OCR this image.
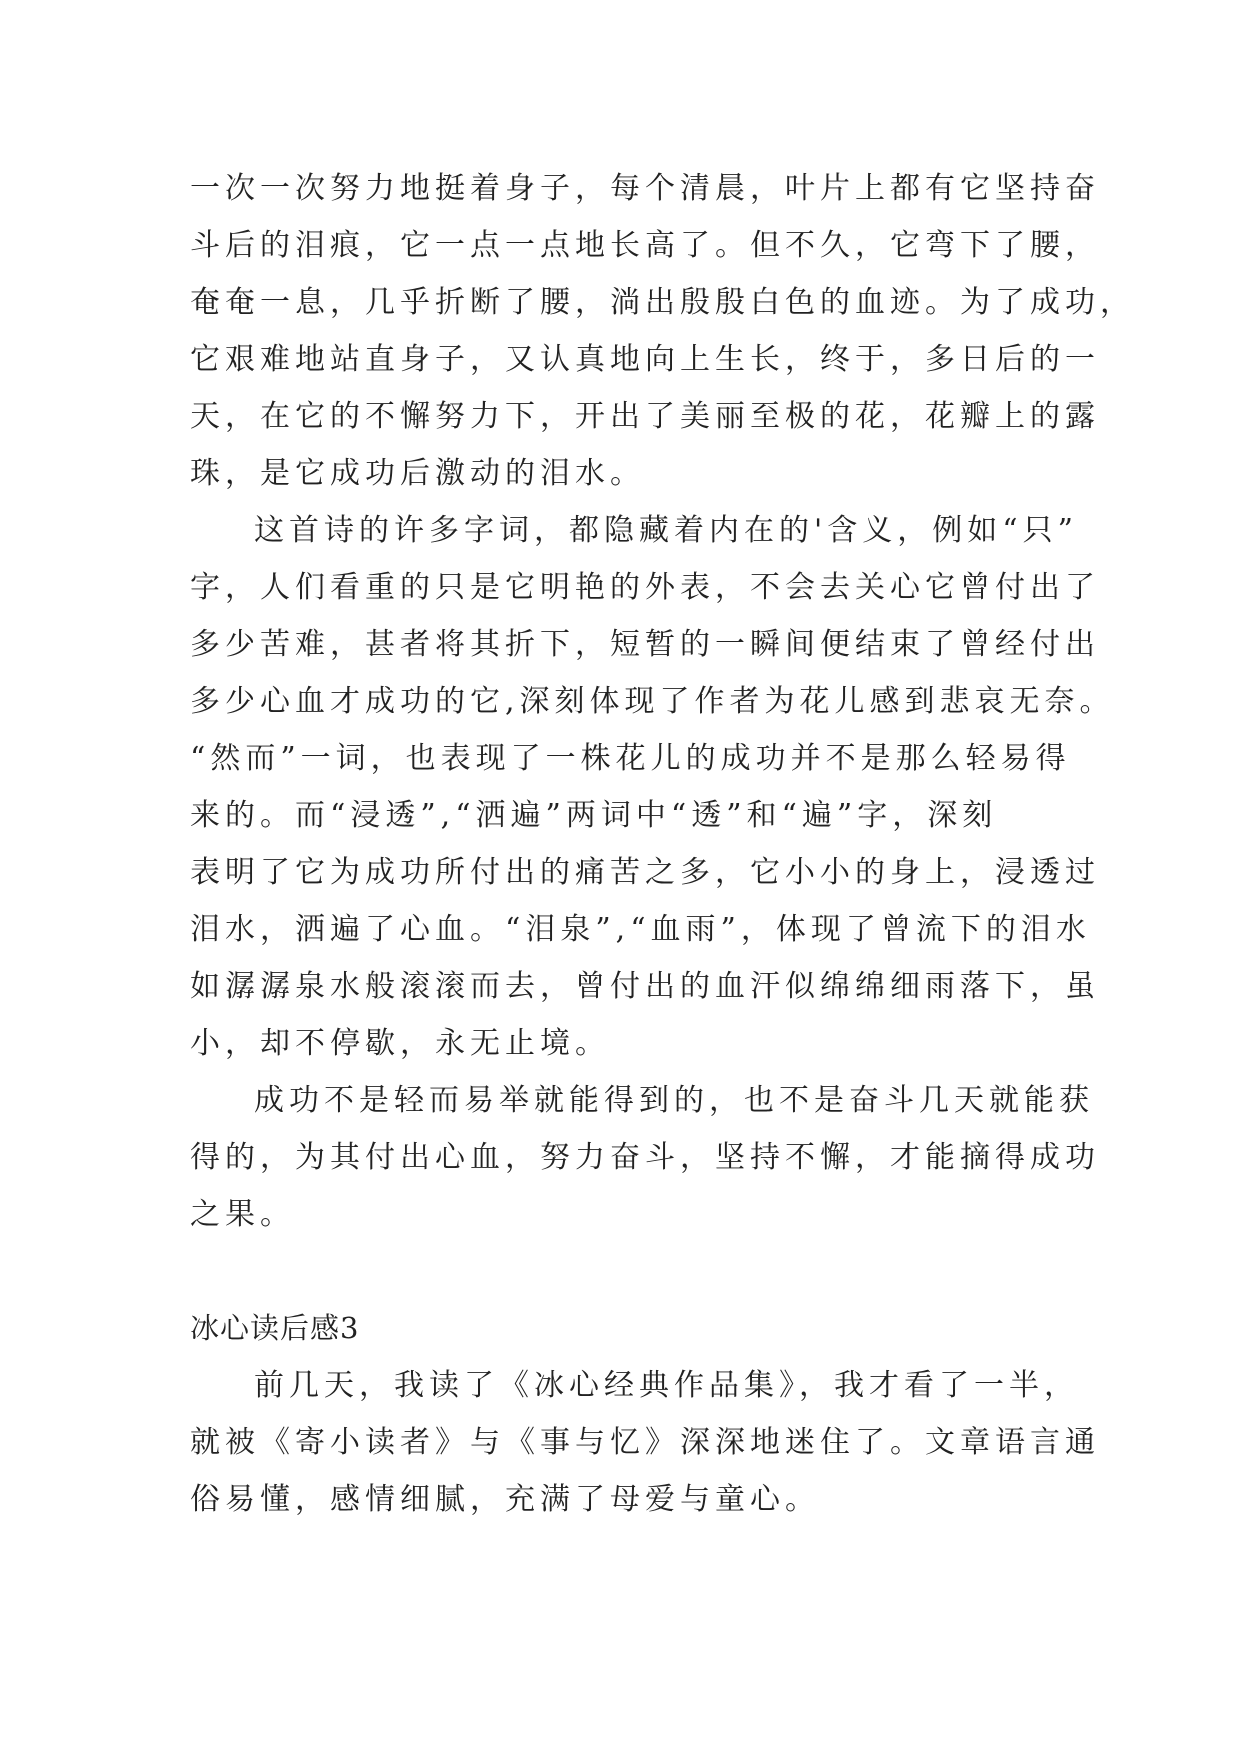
一次一次努力地挺着身子，每个清晨，叶片上都有它坚持奋
斗后的泪痕，它一点一点地长高了。但不久，它弯下了腰，
奄奄一息，几乎折断了腰，淌出殷殷白色的血迹。为了成功，
它艰难地站直身子，又认真地向上生长，终于，多日后的一
天，在它的不懈努力下，开出了美丽至极的花，花瓣上的露
珠，是它成功后激动的泪水。
这首诗的许多字词，都隐藏着内在的'含义，例如“只”
字，人们看重的只是它明艳的外表，不会去关心它曾付出了
多少苦难，甚者将其折下，短暂的一瞬间便结束了曾经付出
多少心血才成功的它,深刻体现了作者为花儿感到悲哀无奈。
“然而”一词，也表现了一株花儿的成功并不是那么轻易得
来的。而“浸透”,“洒遍”两词中“透”和“遍”字，深刻
表明了它为成功所付出的痛苦之多，它小小的身上，浸透过
泪水，洒遍了心血。“泪泉”,“血雨”，体现了曾流下的泪水
如潺潺泉水般滚滚而去，曾付出的血汗似绵绵细雨落下，虽
小，却不停歇，永无止境。
成功不是轻而易举就能得到的，也不是奋斗几天就能获
得的，为其付出心血，努力奋斗，坚持不懈，才能摘得成功
之果。
冰心读后感3
前几天，我读了《冰心经典作品集》，我才看了一半，
就被《寄小读者》与《事与忆》深深地迷住了。文章语言通
俗易懂，感情细腻，充满了母爱与童心。
